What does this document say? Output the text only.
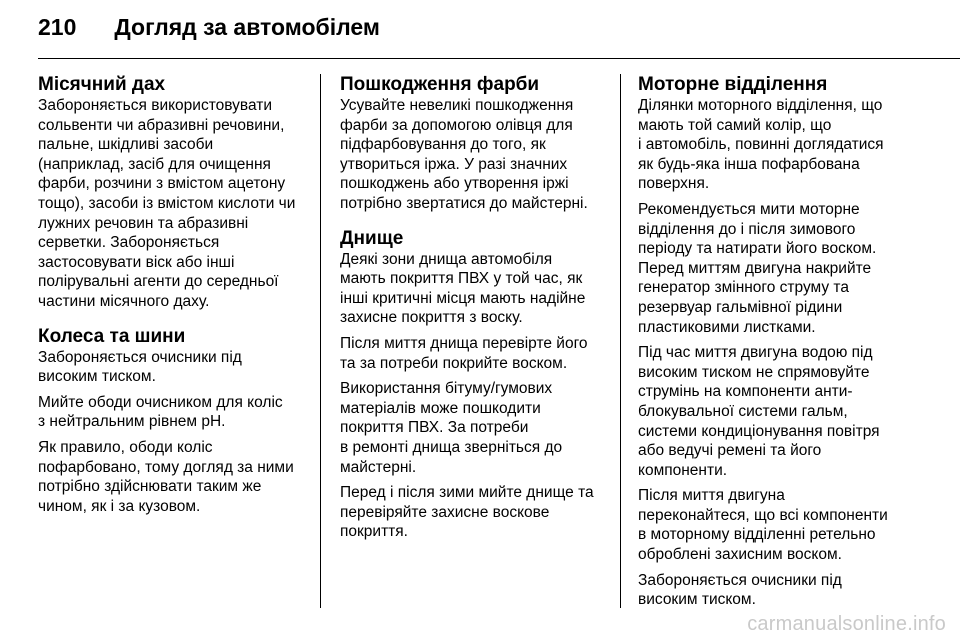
210 Догляд за автомобілем
Місячний дах

Забороняється використовувати
сольвенти чи абразивні речовини,
пальне, шкідливі засоби
(наприклад, засіб для очищення
фарби, розчини з вмістом ацетону
тощо), засоби із вмістом кислоти чи
лужних речовин та абразивні
серветки. Забороняється
застосовувати віск або інші
полірувальні агенти до середньої
частини місячного даху.

Колеса та шини

Забороняється очисники під
високим тиском.

Мийте ободи очисником для коліс
з нейтральним рівнем pH.

Як правило, ободи коліс
пофарбовано, тому догляд за ними
потрібно здійснювати таким же
чином, як і за кузовом.

Пошкодження фарби

Усувайте невеликі пошкодження
фарби за допомогою олівця для
підфарбовування до того, як
утвориться іржа. У разі значних
пошкоджень або утворення іржі
потрібно звертатися до майстерні.

Днище

Деякі зони днища автомобіля
мають покриття ПВХ у той час, як
інші критичні місця мають надійне
захисне покриття з воску.

Після миття днища перевірте його
та за потреби покрийте воском.

Використання бітуму/гумових
матеріалів може пошкодити
покриття ПВХ. За потреби
в ремонті днища зверніться до
майстерні.

Перед і після зими мийте днище та
перевіряйте захисне воскове
покриття.

Моторне відділення

Ділянки моторного відділення, що
мають той самий колір, що
і автомобіль, повинні доглядатися
як будь-яка інша пофарбована
поверхня.

Рекомендується мити моторне
відділення до і після зимового
періоду та натирати його воском.
Перед миттям двигуна накрийте
генератор змінного струму та
резервуар гальмівної рідини
пластиковими листками.

Під час миття двигуна водою під
високим тиском не спрямовуйте
струмінь на компоненти анти-
блокувальної системи гальм,
системи кондиціонування повітря
або ведучі ремені та його
компоненти.

Після миття двигуна
переконайтеся, що всі компоненти
в моторному відділенні ретельно
оброблені захисним воском.

Забороняється очисники під
високим тиском.

carmanualsonline.info
